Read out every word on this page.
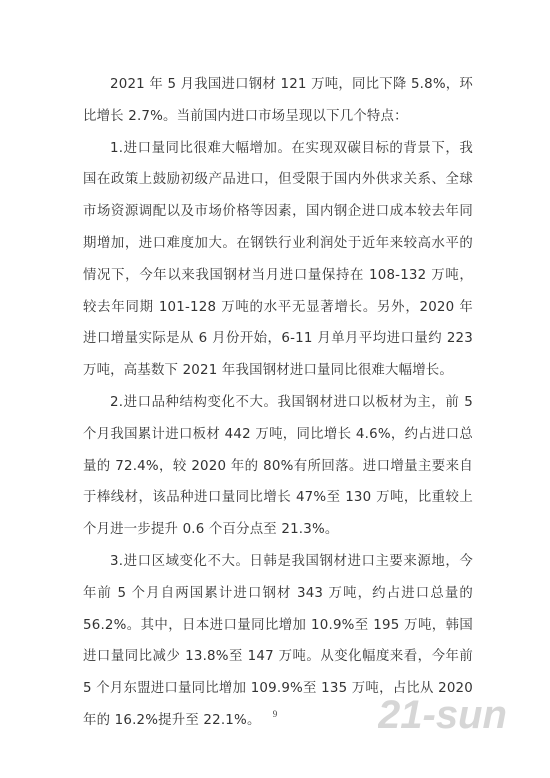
2021 年 5 月我国进口钢材 121 万吨，同比下降 5.8%，环比增长 2.7%。当前国内进口市场呈现以下几个特点：

1.进口量同比很难大幅增加。在实现双碳目标的背景下，我国在政策上鼓励初级产品进口，但受限于国内外供求关系、全球市场资源调配以及市场价格等因素，国内钢企进口成本较去年同期增加，进口难度加大。在钢铁行业利润处于近年来较高水平的情况下，今年以来我国钢材当月进口量保持在 108-132 万吨，较去年同期 101-128 万吨的水平无显著增长。另外，2020 年进口增量实际是从 6 月份开始，6-11 月单月平均进口量约 223 万吨，高基数下 2021 年我国钢材进口量同比很难大幅增长。

2.进口品种结构变化不大。我国钢材进口以板材为主，前 5 个月我国累计进口板材 442 万吨，同比增长 4.6%，约占进口总量的 72.4%，较 2020 年的 80%有所回落。进口增量主要来自于棒线材，该品种进口量同比增长 47%至 130 万吨，比重较上个月进一步提升 0.6 个百分点至 21.3%。

3.进口区域变化不大。日韩是我国钢材进口主要来源地，今年前 5 个月自两国累计进口钢材 343 万吨，约占进口总量的 56.2%。其中，日本进口量同比增加 10.9%至 195 万吨，韩国进口量同比减少 13.8%至 147 万吨。从变化幅度来看，今年前 5 个月东盟进口量同比增加 109.9%至 135 万吨，占比从 2020 年的 16.2%提升至 22.1%。	9	21-sun
